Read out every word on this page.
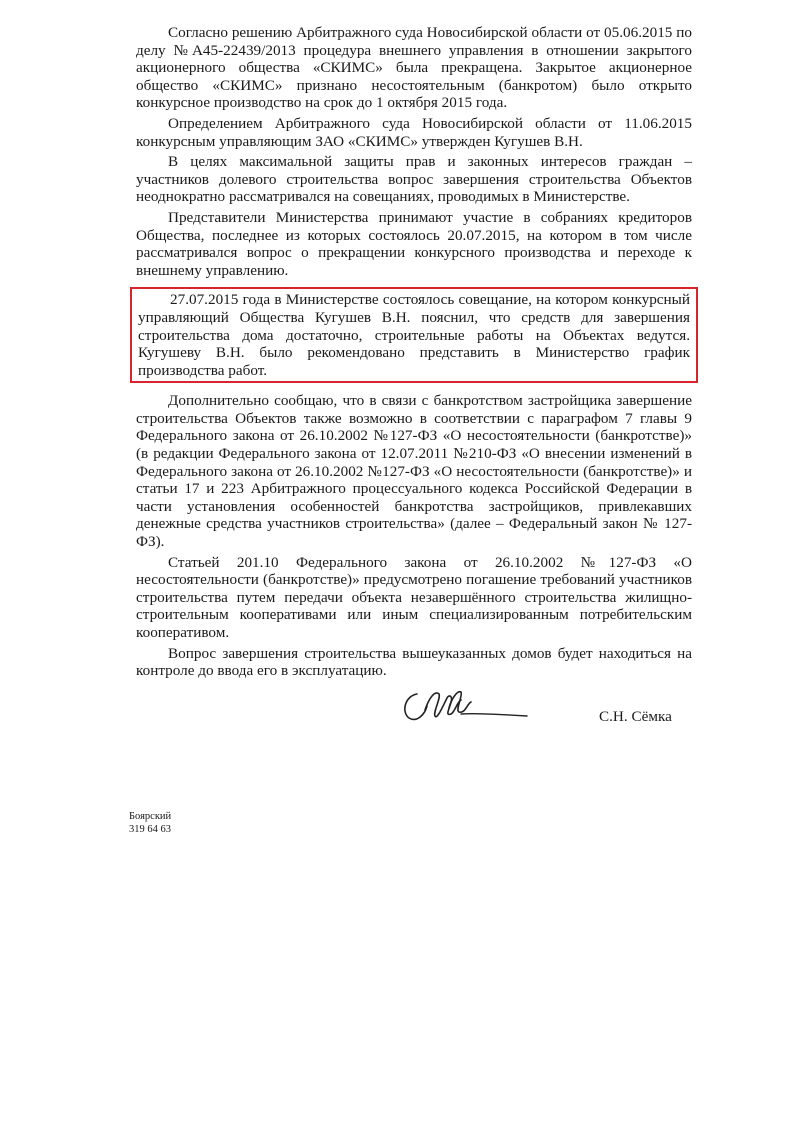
Согласно решению Арбитражного суда Новосибирской области от 05.06.2015 по делу №А45-22439/2013 процедура внешнего управления в отношении закрытого акционерного общества «СКИМС» была прекращена. Закрытое акционерное общество «СКИМС» признано несостоятельным (банкротом) было открыто конкурсное производство на срок до 1 октября 2015 года.

Определением Арбитражного суда Новосибирской области от 11.06.2015 конкурсным управляющим ЗАО «СКИМС» утвержден Кугушев В.Н.

В целях максимальной защиты прав и законных интересов граждан – участников долевого строительства вопрос завершения строительства Объектов неоднократно рассматривался на совещаниях, проводимых в Министерстве.

Представители Министерства принимают участие в собраниях кредиторов Общества, последнее из которых состоялось 20.07.2015, на котором в том числе рассматривался вопрос о прекращении конкурсного производства и переходе к внешнему управлению.

27.07.2015 года в Министерстве состоялось совещание, на котором конкурсный управляющий Общества Кугушев В.Н. пояснил, что средств для завершения строительства дома достаточно, строительные работы на Объектах ведутся. Кугушеву В.Н. было рекомендовано представить в Министерство график производства работ.

Дополнительно сообщаю, что в связи с банкротством застройщика завершение строительства Объектов также возможно в соответствии с параграфом 7 главы 9 Федерального закона от 26.10.2002 №127-ФЗ «О несостоятельности (банкротстве)» (в редакции Федерального закона от 12.07.2011 №210-ФЗ «О внесении изменений в Федерального закона от 26.10.2002 №127-ФЗ «О несостоятельности (банкротстве)» и статьи 17 и 223 Арбитражного процессуального кодекса Российской Федерации в части установления особенностей банкротства застройщиков, привлекавших денежные средства участников строительства» (далее – Федеральный закон № 127-ФЗ).

Статьей 201.10 Федерального закона от 26.10.2002 №127-ФЗ «О несостоятельности (банкротстве)» предусмотрено погашение требований участников строительства путем передачи объекта незавершённого строительства жилищно-строительным кооперативами или иным специализированным потребительским кооперативом.

Вопрос завершения строительства вышеуказанных домов будет находиться на контроле до ввода его в эксплуатацию.

С.Н. Сёмка
Боярский
319 64 63
